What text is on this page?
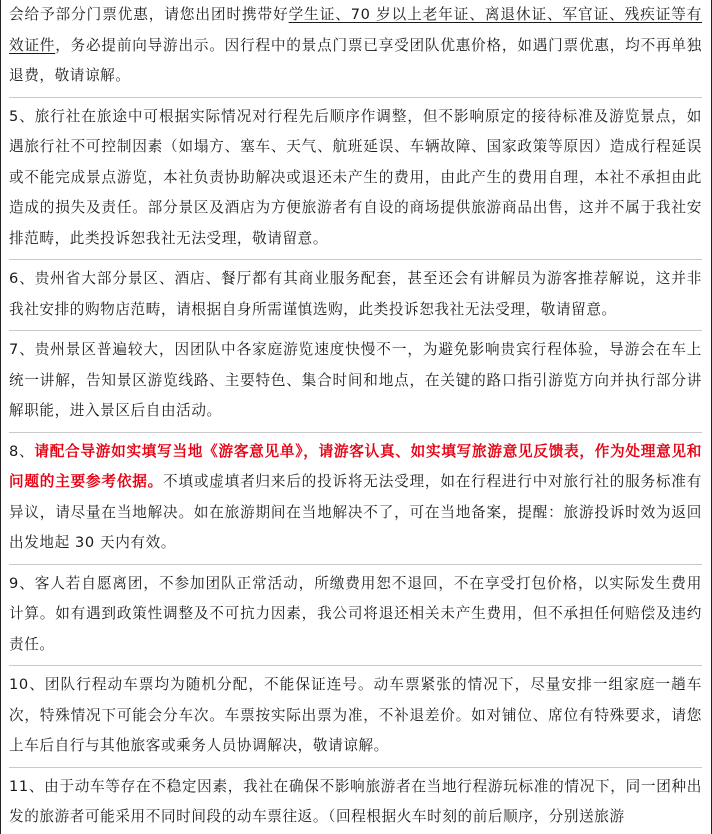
会给予部分门票优惠，请您出团时携带好学生证、70 岁以上老年证、离退休证、军官证、残疾证等有效证件，务必提前向导游出示。因行程中的景点门票已享受团队优惠价格，如遇门票优惠，均不再单独退费，敬请谅解。
5、旅行社在旅途中可根据实际情况对行程先后顺序作调整，但不影响原定的接待标准及游览景点，如遇旅行社不可控制因素（如塌方、塞车、天气、航班延误、车辆故障、国家政策等原因）造成行程延误或不能完成景点游览，本社负责协助解决或退还未产生的费用，由此产生的费用自理，本社不承担由此造成的损失及责任。部分景区及酒店为方便旅游者有自设的商场提供旅游商品出售，这并不属于我社安排范畴，此类投诉恕我社无法受理，敬请留意。
6、贵州省大部分景区、酒店、餐厅都有其商业服务配套，甚至还会有讲解员为游客推荐解说，这并非我社安排的购物店范畴，请根据自身所需谨慎选购，此类投诉恕我社无法受理，敬请留意。
7、贵州景区普遍较大，因团队中各家庭游览速度快慢不一，为避免影响贵宾行程体验，导游会在车上统一讲解，告知景区游览线路、主要特色、集合时间和地点，在关键的路口指引游览方向并执行部分讲解职能，进入景区后自由活动。
8、请配合导游如实填写当地《游客意见单》，请游客认真、如实填写旅游意见反馈表，作为处理意见和问题的主要参考依据。不填或虚填者归来后的投诉将无法受理，如在行程进行中对旅行社的服务标准有异议，请尽量在当地解决。如在旅游期间在当地解决不了，可在当地备案，提醒：旅游投诉时效为返回出发地起 30 天内有效。
9、客人若自愿离团，不参加团队正常活动，所缴费用恕不退回，不在享受打包价格，以实际发生费用计算。如有遇到政策性调整及不可抗力因素，我公司将退还相关未产生费用，但不承担任何赔偿及违约责任。
10、团队行程动车票均为随机分配，不能保证连号。动车票紧张的情况下，尽量安排一组家庭一趟车次，特殊情况下可能会分车次。车票按实际出票为准，不补退差价。如对铺位、席位有特殊要求，请您上车后自行与其他旅客或乘务人员协调解决，敬请谅解。
11、由于动车等存在不稳定因素，我社在确保不影响旅游者在当地行程游玩标准的情况下，同一团种出发的旅游者可能采用不同时间段的动车票往返。（回程根据火车时刻的前后顺序，分别送旅游
